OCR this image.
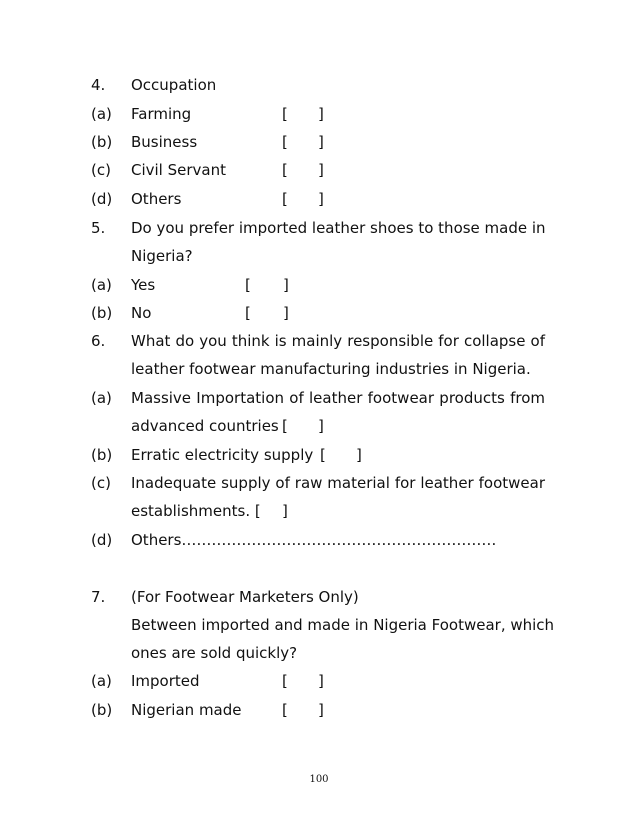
4. Occupation
(a) Farming	[ ]
(b) Business	[ ]
(c) Civil Servant	[ ]
(d) Others	[ ]
5. Do you prefer imported leather shoes to those made in
Nigeria?
(a) Yes	[ ]
(b) No	[ ]
6. What do you think is mainly responsible for collapse of
leather footwear manufacturing industries in Nigeria.
(a) Massive Importation of leather footwear products from
advanced countries [ ]
(b) Erratic electricity supply [ ]
(c) Inadequate supply of raw material for leather footwear
establishments. [ ]
(d) Others………………………………………………………
7. (For Footwear Marketers Only)
Between imported and made in Nigeria Footwear, which
ones are sold quickly?
(a) Imported	[ ]
(b) Nigerian made	[ ]
100
